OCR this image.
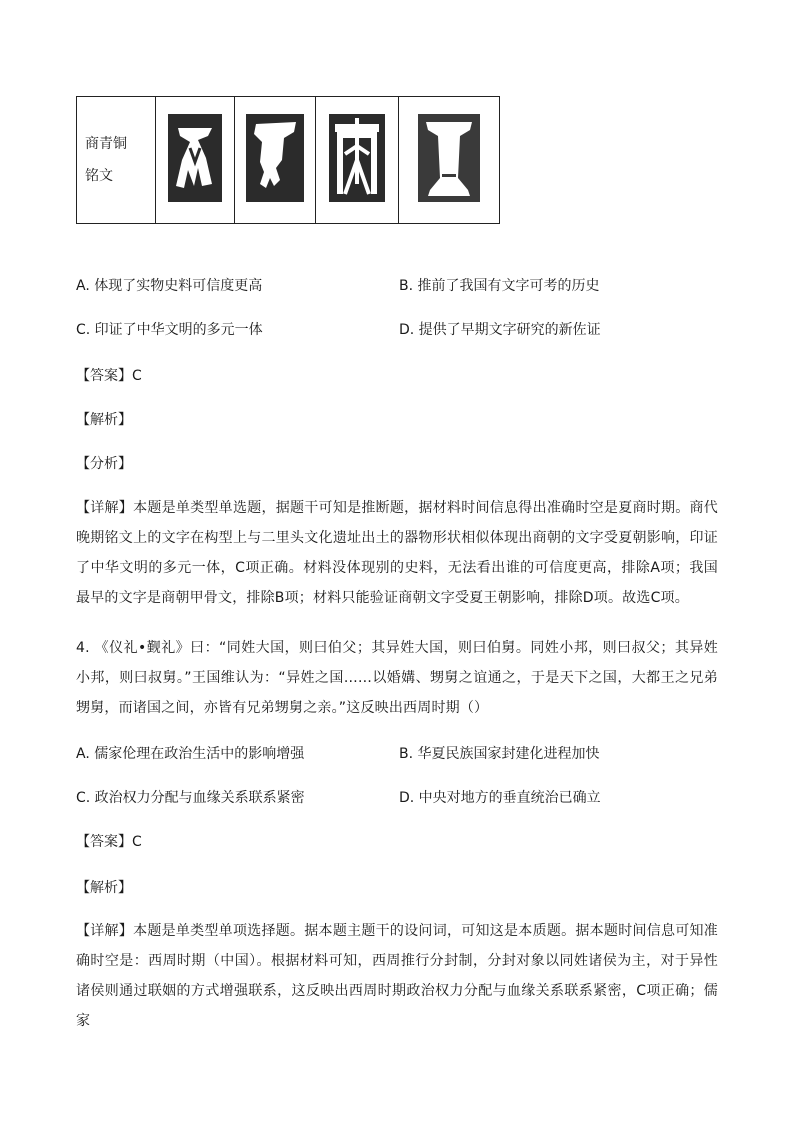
商青铜
铭文

A. 体现了实物史料可信度更高	B. 推前了我国有文字可考的历史
C. 印证了中华文明的多元一体	D. 提供了早期文字研究的新佐证
【答案】C
【解析】
【分析】
【详解】本题是单类型单选题，据题干可知是推断题，据材料时间信息得出准确时空是夏商时期。商代晚期铭文上的文字在构型上与二里头文化遗址出土的器物形状相似体现出商朝的文字受夏朝影响，印证了中华文明的多元一体，C项正确。材料没体现别的史料，无法看出谁的可信度更高，排除A项；我国最早的文字是商朝甲骨文，排除B项；材料只能验证商朝文字受夏王朝影响，排除D项。故选C项。
4. 《仪礼•觐礼》曰：“同姓大国，则曰伯父；其异姓大国，则曰伯舅。同姓小邦，则曰叔父；其异姓小邦，则曰叔舅。”王国维认为：“异姓之国……以婚媾、甥舅之谊通之，于是天下之国，大都王之兄弟甥舅，而诸国之间，亦皆有兄弟甥舅之亲。”这反映出西周时期（）
A. 儒家伦理在政治生活中的影响增强	B. 华夏民族国家封建化进程加快
C. 政治权力分配与血缘关系联系紧密	D. 中央对地方的垂直统治已确立
【答案】C
【解析】
【详解】本题是单类型单项选择题。据本题主题干的设问词，可知这是本质题。据本题时间信息可知准确时空是：西周时期（中国）。根据材料可知，西周推行分封制，分封对象以同姓诸侯为主，对于异性诸侯则通过联姻的方式增强联系，这反映出西周时期政治权力分配与血缘关系联系紧密，C项正确；儒家
